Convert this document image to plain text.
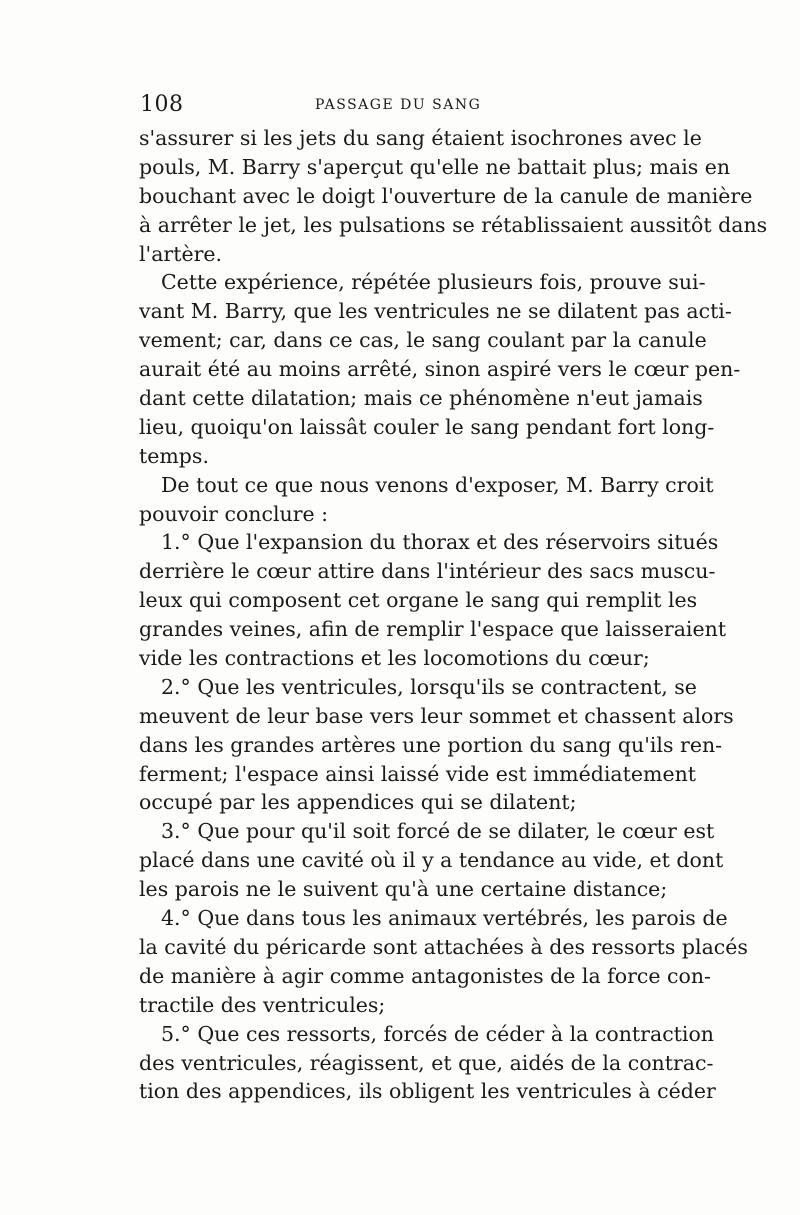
108	PASSAGE DU SANG
s'assurer si les jets du sang étaient isochrones avec le
pouls, M. Barry s'aperçut qu'elle ne battait plus; mais en
bouchant avec le doigt l'ouverture de la canule de manière
à arrêter le jet, les pulsations se rétablissaient aussitôt dans
l'artère.
Cette expérience, répétée plusieurs fois, prouve sui-
vant M. Barry, que les ventricules ne se dilatent pas acti-
vement; car, dans ce cas, le sang coulant par la canule
aurait été au moins arrêté, sinon aspiré vers le cœur pen-
dant cette dilatation; mais ce phénomène n'eut jamais
lieu, quoiqu'on laissât couler le sang pendant fort long-
temps.
De tout ce que nous venons d'exposer, M. Barry croit
pouvoir conclure :
1.° Que l'expansion du thorax et des réservoirs situés
derrière le cœur attire dans l'intérieur des sacs muscu-
leux qui composent cet organe le sang qui remplit les
grandes veines, afin de remplir l'espace que laisseraient
vide les contractions et les locomotions du cœur;
2.° Que les ventricules, lorsqu'ils se contractent, se
meuvent de leur base vers leur sommet et chassent alors
dans les grandes artères une portion du sang qu'ils ren-
ferment; l'espace ainsi laissé vide est immédiatement
occupé par les appendices qui se dilatent;
3.° Que pour qu'il soit forcé de se dilater, le cœur est
placé dans une cavité où il y a tendance au vide, et dont
les parois ne le suivent qu'à une certaine distance;
4.° Que dans tous les animaux vertébrés, les parois de
la cavité du péricarde sont attachées à des ressorts placés
de manière à agir comme antagonistes de la force con-
tractile des ventricules;
5.° Que ces ressorts, forcés de céder à la contraction
des ventricules, réagissent, et que, aidés de la contrac-
tion des appendices, ils obligent les ventricules à céder
